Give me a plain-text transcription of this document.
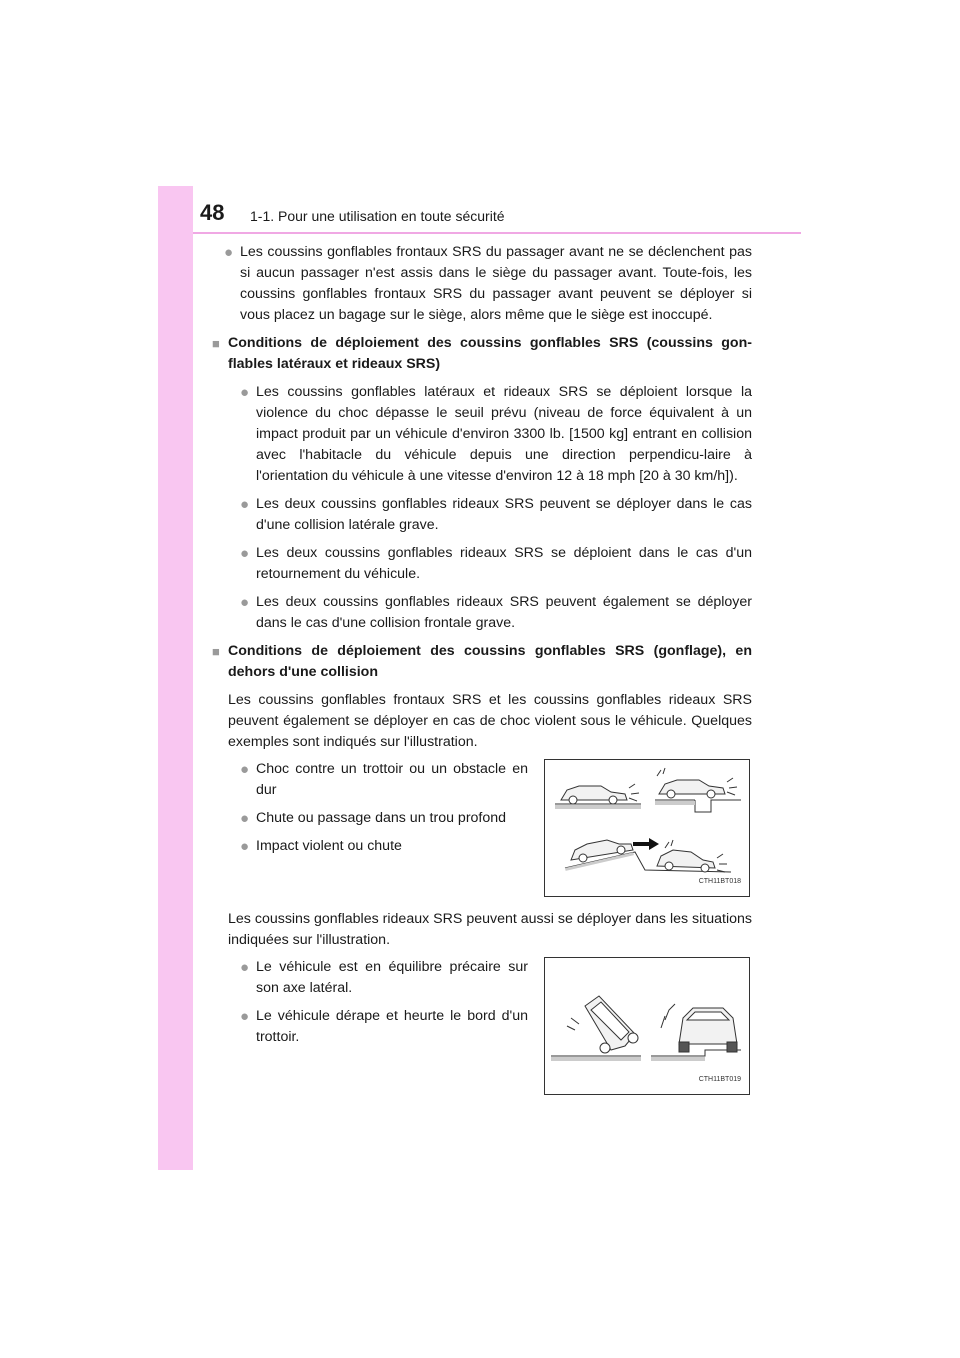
48 1-1. Pour une utilisation en toute sécurité
● Les coussins gonflables frontaux SRS du passager avant ne se déclenchent pas si aucun passager n'est assis dans le siège du passager avant. Toute-fois, les coussins gonflables frontaux SRS du passager avant peuvent se déployer si vous placez un bagage sur le siège, alors même que le siège est inoccupé.
■ Conditions de déploiement des coussins gonflables SRS (coussins gon-flables latéraux et rideaux SRS)
● Les coussins gonflables latéraux et rideaux SRS se déploient lorsque la violence du choc dépasse le seuil prévu (niveau de force équivalent à un impact produit par un véhicule d'environ 3300 lb. [1500 kg] entrant en collision avec l'habitacle du véhicule depuis une direction perpendicu-laire à l'orientation du véhicule à une vitesse d'environ 12 à 18 mph [20 à 30 km/h]).
● Les deux coussins gonflables rideaux SRS peuvent se déployer dans le cas d'une collision latérale grave.
● Les deux coussins gonflables rideaux SRS se déploient dans le cas d'un retournement du véhicule.
● Les deux coussins gonflables rideaux SRS peuvent également se déployer dans le cas d'une collision frontale grave.
■ Conditions de déploiement des coussins gonflables SRS (gonflage), en dehors d'une collision

Les coussins gonflables frontaux SRS et les coussins gonflables rideaux SRS peuvent également se déployer en cas de choc violent sous le véhicule. Quelques exemples sont indiqués sur l'illustration.

● Choc contre un trottoir ou un obstacle en dur
● Chute ou passage dans un trou profond
● Impact violent ou chute
CTH11BT018

Les coussins gonflables rideaux SRS peuvent aussi se déployer dans les situations indiquées sur l'illustration.

● Le véhicule est en équilibre précaire sur son axe latéral.
● Le véhicule dérape et heurte le bord d'un trottoir.
CTH11BT019
